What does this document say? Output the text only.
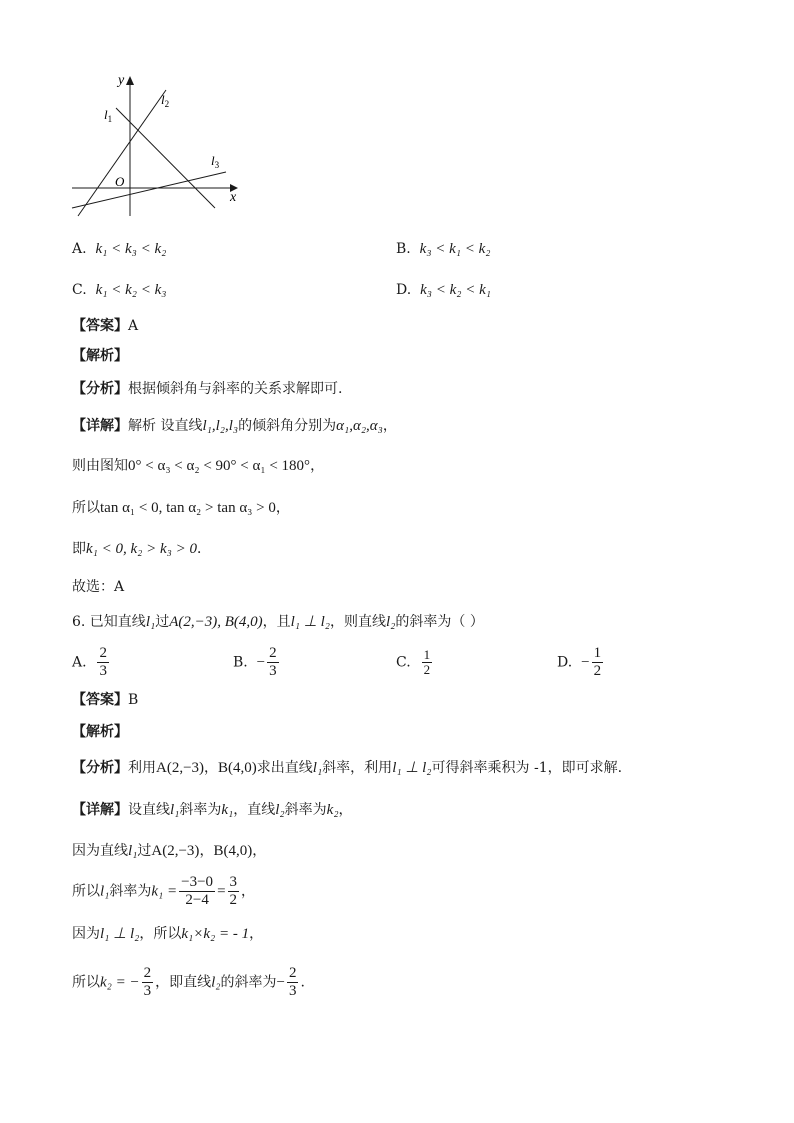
y
x
O
$l_1$
$l_2$
$l_3$
A. k₁ < k₃ < k₂	B. k₃ < k₁ < k₂
C. k₁ < k₂ < k₃	D. k₃ < k₂ < k₁
【答案】A
【解析】
【分析】根据倾斜角与斜率的关系求解即可.
【详解】解析 设直线l₁,l₂,l₃的倾斜角分别为α₁,α₂,α₃，
则由图知0° < α₃ < α₂ < 90° < α₁ < 180°，
所以tan α₁ < 0, tan α₂ > tan α₃ > 0，
即k₁ < 0, k₂ > k₃ > 0．
故选：A
6. 已知直线l₁过A(2,−3), B(4,0)，且l₁ ⊥ l₂，则直线l₂的斜率为（ ）
A. $\frac{2}{3}$	B. − $\frac{2}{3}$	C. $\frac{1}{2}$	D. − $\frac{1}{2}$
【答案】B
【解析】
【分析】利用A(2,−3)，B(4,0)求出直线l₁斜率，利用l₁ ⊥ l₂可得斜率乘积为 -1，即可求解.
【详解】设直线l₁斜率为k₁，直线l₂斜率为k₂，
因为直线l₁过A(2,−3)，B(4,0)，
所以l₁斜率为$k_1 = \frac{-3-0}{2-4} = \frac{3}{2}$ ，
因为l₁ ⊥ l₂，所以k₁×k₂ = - 1，
所以k₂ = − $\frac{2}{3}$ ，即直线l₂的斜率为− $\frac{2}{3}$ .
